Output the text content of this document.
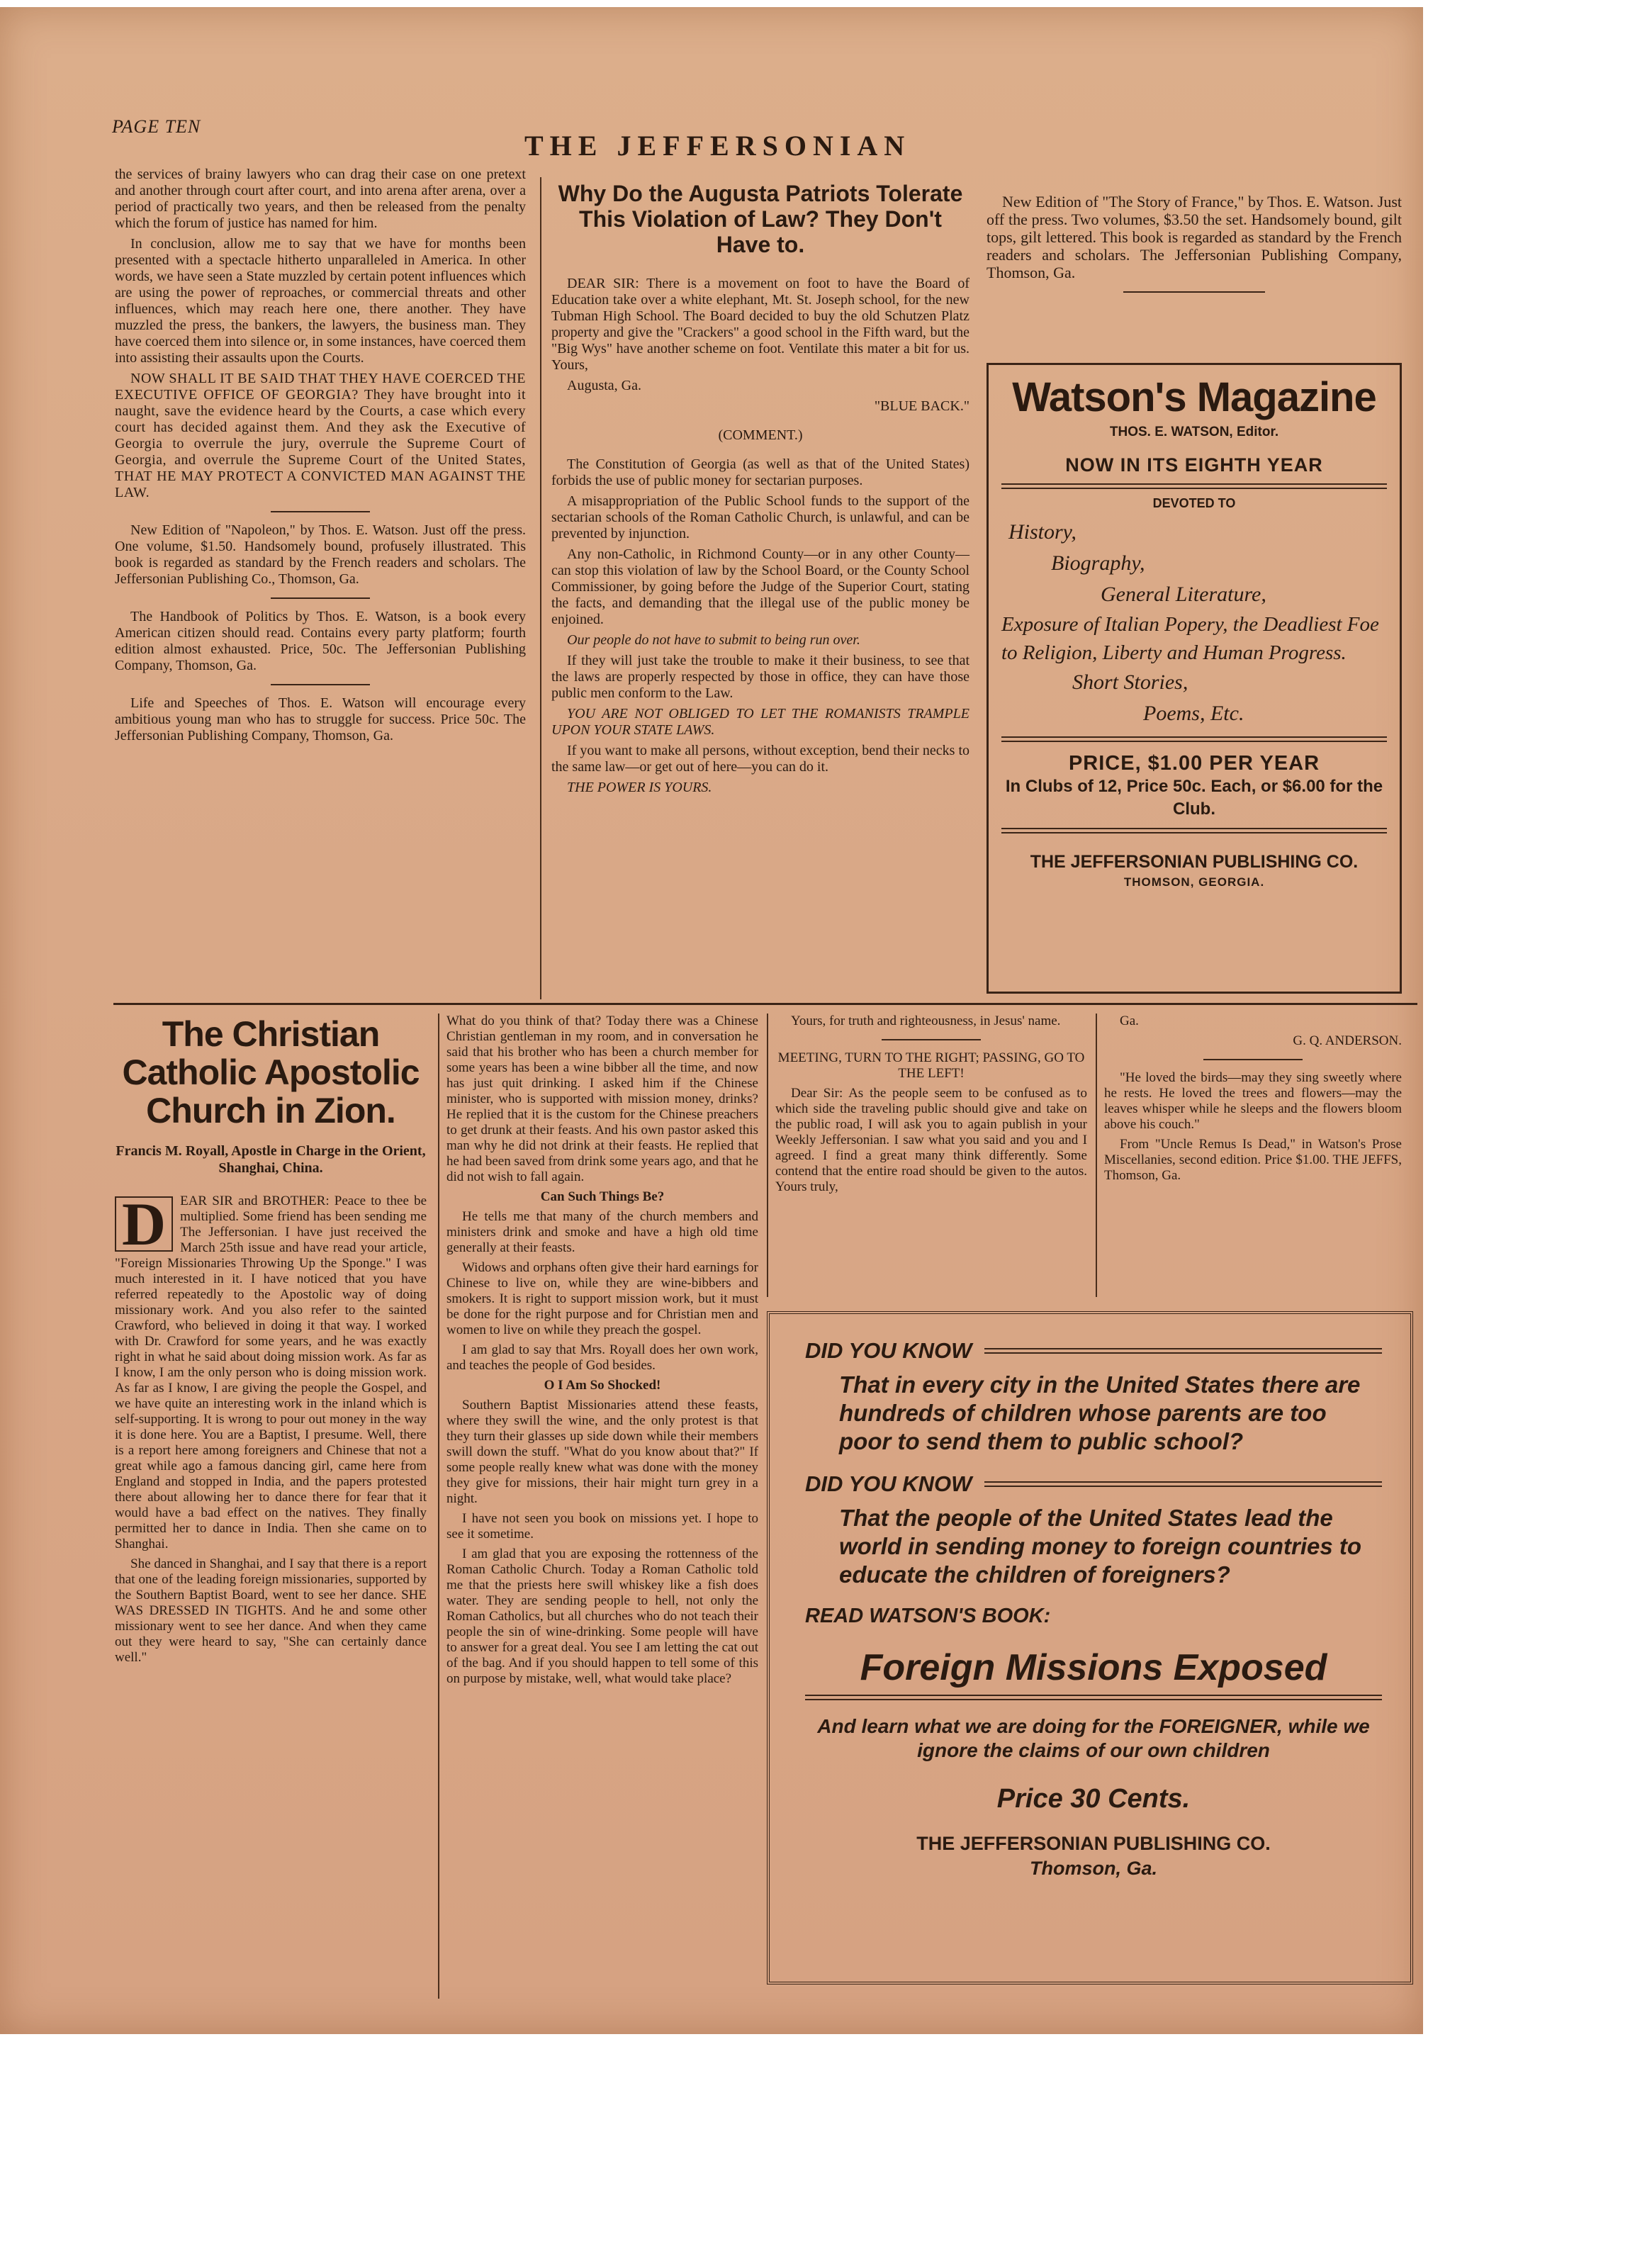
PAGE TEN
THE JEFFERSONIAN

the services of brainy lawyers who can drag their case on one pretext and another through court after court, and into arena after arena, over a period of practically two years, and then be released from the penalty which the forum of justice has named for him.

In conclusion, allow me to say that we have for months been presented with a spectacle hitherto unparalleled in America. In other words, we have seen a State muzzled by certain potent influences which are using the power of reproaches, or commercial threats and other influences, which may reach here one, there another. They have muzzled the press, the bankers, the lawyers, the business man. They have coerced them into silence or, in some instances, have coerced them into assisting their assaults upon the Courts.

NOW SHALL IT BE SAID THAT THEY HAVE COERCED THE EXECUTIVE OFFICE OF GEORGIA? They have brought into it naught, save the evidence heard by the Courts, a case which every court has decided against them. And they ask the Executive of Georgia to overrule the jury, overrule the Supreme Court of Georgia, and overrule the Supreme Court of the United States, THAT HE MAY PROTECT A CONVICTED MAN AGAINST THE LAW.

New Edition of "Napoleon," by Thos. E. Watson. Just off the press. One volume, $1.50. Handsomely bound, profusely illustrated. This book is regarded as standard by the French readers and scholars. The Jeffersonian Publishing Co., Thomson, Ga.

The Handbook of Politics by Thos. E. Watson, is a book every American citizen should read. Contains every party platform; fourth edition almost exhausted. Price, 50c. The Jeffersonian Publishing Company, Thomson, Ga.

Life and Speeches of Thos. E. Watson will encourage every ambitious young man who has to struggle for success. Price 50c. The Jeffersonian Publishing Company, Thomson, Ga.

Why Do the Augusta Patriots Tolerate This Violation of Law? They Don't Have to.

DEAR SIR: There is a movement on foot to have the Board of Education take over a white elephant, Mt. St. Joseph school, for the new Tubman High School. The Board decided to buy the old Schutzen Platz property and give the "Crackers" a good school in the Fifth ward, but the "Big Wys" have another scheme on foot. Ventilate this mater a bit for us. Yours,

Augusta, Ga.

"BLUE BACK."

(COMMENT.)

The Constitution of Georgia (as well as that of the United States) forbids the use of public money for sectarian purposes.

A misappropriation of the Public School funds to the support of the sectarian schools of the Roman Catholic Church, is unlawful, and can be prevented by injunction.

Any non-Catholic, in Richmond County—or in any other County—can stop this violation of law by the School Board, or the County School Commissioner, by going before the Judge of the Superior Court, stating the facts, and demanding that the illegal use of the public money be enjoined.

Our people do not have to submit to being run over.

If they will just take the trouble to make it their business, to see that the laws are properly respected by those in office, they can have those public men conform to the Law.

YOU ARE NOT OBLIGED TO LET THE ROMANISTS TRAMPLE UPON YOUR STATE LAWS.

If you want to make all persons, without exception, bend their necks to the same law—or get out of here—you can do it.

THE POWER IS YOURS.

New Edition of "The Story of France," by Thos. E. Watson. Just off the press. Two volumes, $3.50 the set. Handsomely bound, gilt tops, gilt lettered. This book is regarded as standard by the French readers and scholars. The Jeffersonian Publishing Company, Thomson, Ga.

Watson's Magazine
THOS. E. WATSON, Editor.
NOW IN ITS EIGHTH YEAR
DEVOTED TO
History,
Biography,
General Literature,
Exposure of Italian Popery, the Deadliest Foe to Religion, Liberty and Human Progress.
Short Stories,
Poems, Etc.
PRICE, $1.00 PER YEAR
In Clubs of 12, Price 50c. Each, or $6.00 for the Club.
THE JEFFERSONIAN PUBLISHING CO.
THOMSON, GEORGIA.
The Christian Catholic Apostolic Church in Zion.
Francis M. Royall, Apostle in Charge in the Orient, Shanghai, China.

D	EAR SIR and BROTHER: Peace to thee be multiplied. Some friend has been sending me The Jeffersonian. I have just received the March 25th issue and have read your article, "Foreign Missionaries Throwing Up the Sponge." I was much interested in it. I have noticed that you have referred repeatedly to the Apostolic way of doing missionary work. And you also refer to the sainted Crawford, who believed in doing it that way. I worked with Dr. Crawford for some years, and he was exactly right in what he said about doing mission work. As far as I know, I am the only person who is doing mission work. As far as I know, I are giving the people the Gospel, and we have quite an interesting work in the inland which is self-supporting. It is wrong to pour out money in the way it is done here. You are a Baptist, I presume. Well, there is a report here among foreigners and Chinese that not a great while ago a famous dancing girl, came here from England and stopped in India, and the papers protested there about allowing her to dance there for fear that it would have a bad effect on the natives. They finally permitted her to dance in India. Then she came on to Shanghai.

She danced in Shanghai, and I say that there is a report that one of the leading foreign missionaries, supported by the Southern Baptist Board, went to see her dance. SHE WAS DRESSED IN TIGHTS. And he and some other missionary went to see her dance. And when they came out they were heard to say, "She can certainly dance well."

What do you think of that? Today there was a Chinese Christian gentleman in my room, and in conversation he said that his brother who has been a church member for some years has been a wine bibber all the time, and now has just quit drinking. I asked him if the Chinese minister, who is supported with mission money, drinks? He replied that it is the custom for the Chinese preachers to get drunk at their feasts. And his own pastor asked this man why he did not drink at their feasts. He replied that he had been saved from drink some years ago, and that he did not wish to fall again.

Can Such Things Be?

He tells me that many of the church members and ministers drink and smoke and have a high old time generally at their feasts.

Widows and orphans often give their hard earnings for Chinese to live on, while they are wine-bibbers and smokers. It is right to support mission work, but it must be done for the right purpose and for Christian men and women to live on while they preach the gospel.

I am glad to say that Mrs. Royall does her own work, and teaches the people of God besides.

O I Am So Shocked!

Southern Baptist Missionaries attend these feasts, where they swill the wine, and the only protest is that they turn their glasses up side down while their members swill down the stuff. "What do you know about that?" If some people really knew what was done with the money they give for missions, their hair might turn grey in a night.

I have not seen you book on missions yet. I hope to see it sometime.

I am glad that you are exposing the rottenness of the Roman Catholic Church. Today a Roman Catholic told me that the priests here swill whiskey like a fish does water. They are sending people to hell, not only the Roman Catholics, but all churches who do not teach their people the sin of wine-drinking. Some people will have to answer for a great deal. You see I am letting the cat out of the bag. And if you should happen to tell some of this on purpose by mistake, well, what would take place?

Yours, for truth and righteousness, in Jesus' name.

MEETING, TURN TO THE RIGHT; PASSING, GO TO THE LEFT!

Dear Sir: As the people seem to be confused as to which side the traveling public should give and take on the public road, I will ask you to again publish in your Weekly Jeffersonian. I saw what you said and you and I agreed. I find a great many think differently. Some contend that the entire road should be given to the autos. Yours truly,

Ga.

G. Q. ANDERSON.

"He loved the birds—may they sing sweetly where he rests. He loved the trees and flowers—may the leaves whisper while he sleeps and the flowers bloom above his couch."

From "Uncle Remus Is Dead," in Watson's Prose Miscellanies, second edition. Price $1.00. THE JEFFS, Thomson, Ga.

DID YOU KNOW
That in every city in the United States there are hundreds of children whose parents are too poor to send them to public school?
DID YOU KNOW
That the people of the United States lead the world in sending money to foreign countries to educate the children of foreigners?
READ WATSON'S BOOK:
Foreign Missions Exposed
And learn what we are doing for the FOREIGNER, while we ignore the claims of our own children
Price 30 Cents.
THE JEFFERSONIAN PUBLISHING CO.
Thomson, Ga.
